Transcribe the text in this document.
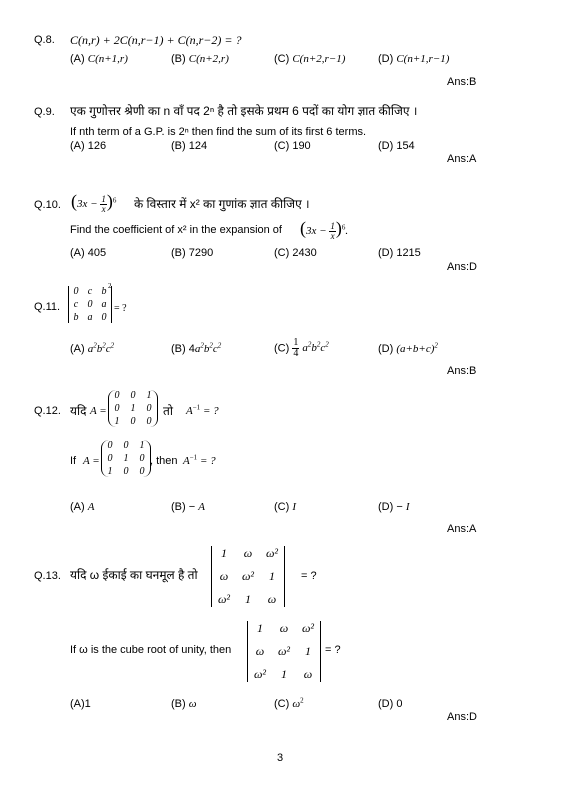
Q.8. C(n,r) + 2C(n,r−1) + C(n,r−2) = ?
(A) C(n+1,r)	(B) C(n+2,r)	(C) C(n+2,r−1)	(D) C(n+1,r−1)
Ans:B
Q.9. एक गुणोत्तर श्रेणी का n वाँ पद 2ⁿ है तो इसके प्रथम 6 पदों का योग ज्ञात कीजिए ।
If nth term of a G.P. is 2ⁿ then find the sum of its first 6 terms.
(A) 126	(B) 124	(C) 190	(D) 154
Ans:A
Q.10. $(3x - \frac{1}{x} )^6$ के विस्तार में x² का गुणांक ज्ञात कीजिए ।
Find the coefficient of x² in the expansion of $(3x - \frac{1}{x} )^6$.
(A) 405	(B) 7290	(C) 2430	(D) 1215
Ans:D
Q.11.
0 c b
c 0 a
b a 0
2
= ?
(A) $a^2b^2c^2$	(B) $4a^2b^2c^2$	$(C) \frac{1}{4} a^2b^2c^2$	(D) $(a+b+c)^2$
Ans:B
Q.12. यदि A =
0	0	1
0	1	0
1	0	0
तो $A^{-1}$ = ?
If A =
0	0	1
0	1	0
1	0	0
, then $A^{-1}$ = ?
(A) A	(B) − A	(C) I	(D) − I
Ans:A
Q.13. यदि ω ईकाई का घनमूल है तो
1	ω	ω²
ω	ω²	1
ω²	1	ω
= ?
If ω is the cube root of unity, then
1	ω	ω²
ω	ω²	1
ω²	1	ω
= ?
(A)1	(B) ω	(C) $\omega^2$	(D) 0
Ans:D
3
